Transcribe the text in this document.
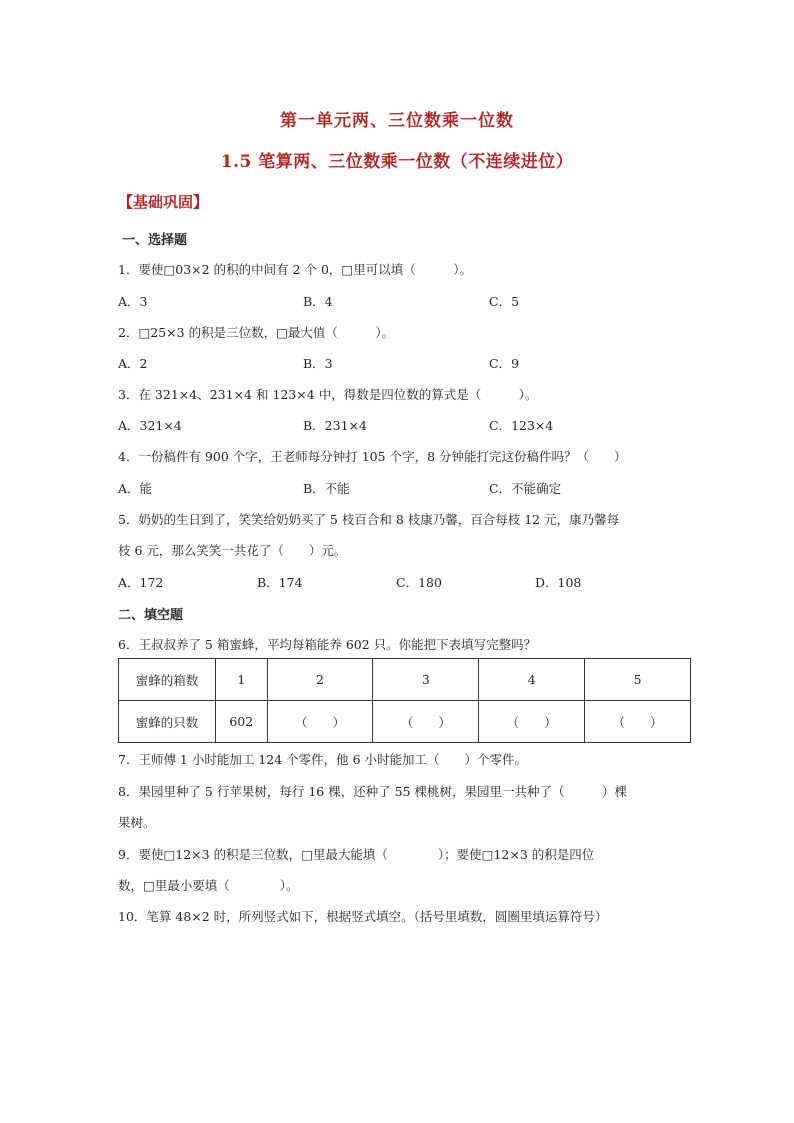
第一单元两、三位数乘一位数
1.5 笔算两、三位数乘一位数（不连续进位）
【基础巩固】
一、选择题
1．要使□03×2 的积的中间有 2 个 0，□里可以填（　　　）。
A．3	B．4	C．5
2．□25×3 的积是三位数，□最大值（　　　）。
A．2	B．3	C．9
3．在 321×4、231×4 和 123×4 中，得数是四位数的算式是（　　　）。
A．321×4	B．231×4	C．123×4
4．一份稿件有 900 个字，王老师每分钟打 105 个字，8 分钟能打完这份稿件吗？（　　）
A．能	B．不能	C．不能确定
5．奶奶的生日到了，笑笑给奶奶买了 5 枝百合和 8 枝康乃馨，百合每枝 12 元，康乃馨每
枝 6 元，那么笑笑一共花了（　　）元。
A．172	B．174	C．180	D．108
二、填空题
6．王叔叔养了 5 箱蜜蜂，平均每箱能养 602 只。你能把下表填写完整吗？
蜜蜂的箱数	1	2	3	4	5
蜜蜂的只数	602	（　　）	（　　）	（　　）	（　　）
7．王师傅 1 小时能加工 124 个零件，他 6 小时能加工（　　）个零件。
8．果园里种了 5 行苹果树，每行 16 棵，还种了 55 棵桃树，果园里一共种了（　　　）棵
果树。
9．要使□12×3 的积是三位数，□里最大能填（　　　　）；要使□12×3 的积是四位
数，□里最小要填（　　　　）。
10．笔算 48×2 时，所列竖式如下，根据竖式填空。（括号里填数，圆圈里填运算符号）
